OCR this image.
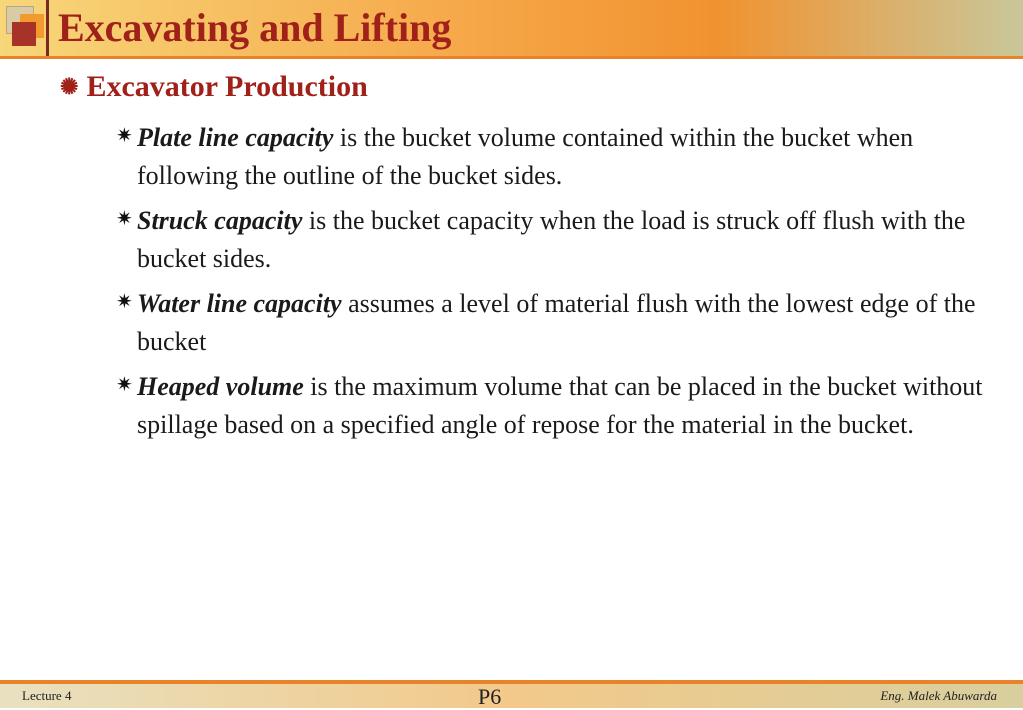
Excavating and Lifting
✺ Excavator Production
✷ Plate line capacity is the bucket volume contained within the bucket when following the outline of the bucket sides.
✷ Struck capacity is the bucket capacity when the load is struck off flush with the bucket sides.
✷ Water line capacity assumes a level of material flush with the lowest edge of the bucket
✷ Heaped volume is the maximum volume that can be placed in the bucket without spillage based on a specified angle of repose for the material in the bucket.
Lecture 4	P6	Eng. Malek Abuwarda
